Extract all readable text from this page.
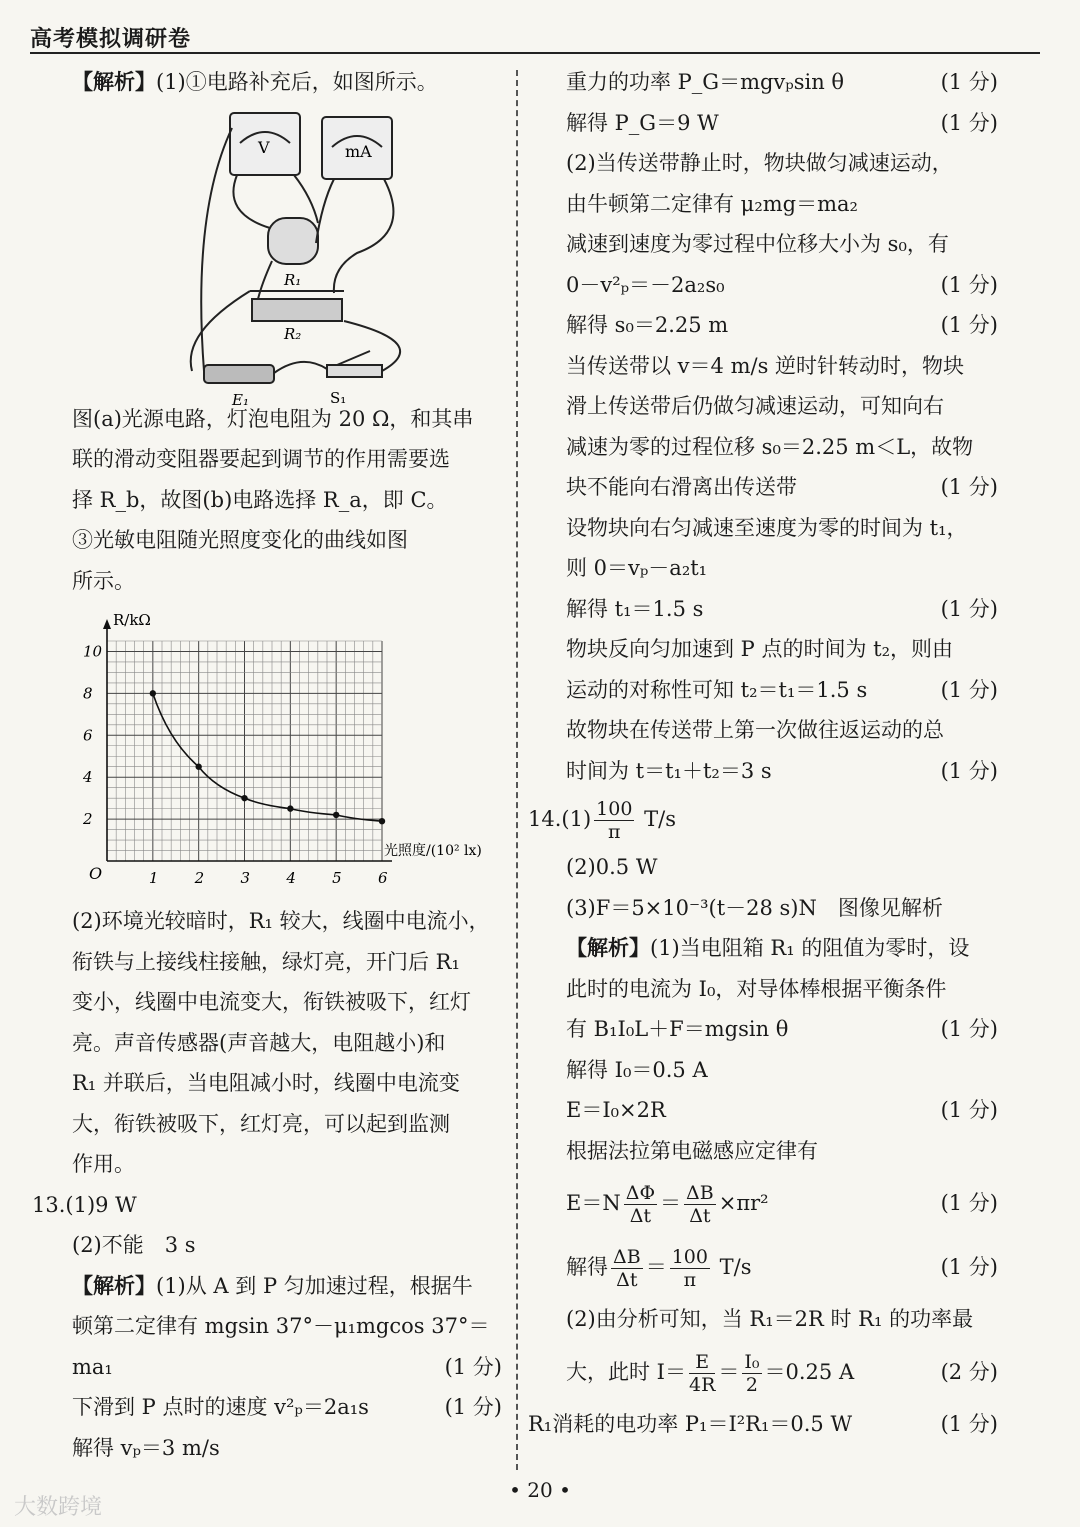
高考模拟调研卷
【解析】(1)①电路补充后，如图所示。
V	mA
R₁
R₂
E₁	S₁
图(a)光源电路，灯泡电阻为 20 Ω，和其串
联的滑动变阻器要起到调节的作用需要选
择 R_b，故图(b)电路选择 R_a，即 C。
③光敏电阻随光照度变化的曲线如图
所示。
1 2 3 4 5 6
2
4
6
8
10
O
R/kΩ
光照度/(10² lx)
(2)环境光较暗时，R₁ 较大，线圈中电流小，
衔铁与上接线柱接触，绿灯亮，开门后 R₁
变小，线圈中电流变大，衔铁被吸下，红灯
亮。声音传感器(声音越大，电阻越小)和
R₁ 并联后，当电阻减小时，线圈中电流变
大，衔铁被吸下，红灯亮，可以起到监测
作用。
13.(1)9 W
(2)不能　3 s
【解析】(1)从 A 到 P 匀加速过程，根据牛
顿第二定律有 mgsin 37°－μ₁mgcos 37°＝
ma₁	(1 分)
下滑到 P 点时的速度 v²ₚ＝2a₁s	(1 分)
解得 vₚ＝3 m/s
重力的功率 P_G＝mgvₚsin θ	(1 分)
解得 P_G＝9 W	(1 分)
(2)当传送带静止时，物块做匀减速运动，
由牛顿第二定律有 μ₂mg＝ma₂
减速到速度为零过程中位移大小为 s₀，有
0－v²ₚ＝－2a₂s₀	(1 分)
解得 s₀＝2.25 m	(1 分)
当传送带以 v＝4 m/s 逆时针转动时，物块
滑上传送带后仍做匀减速运动，可知向右
减速为零的过程位移 s₀＝2.25 m＜L，故物
块不能向右滑离出传送带	(1 分)
设物块向右匀减速至速度为零的时间为 t₁，
则 0＝vₚ－a₂t₁
解得 t₁＝1.5 s	(1 分)
物块反向匀加速到 P 点的时间为 t₂，则由
运动的对称性可知 t₂＝t₁＝1.5 s	(1 分)
故物块在传送带上第一次做往返运动的总
时间为 t＝t₁＋t₂＝3 s	(1 分)
$14.(1) \frac{100}{\pi} T/s$
(2)0.5 W
(3)F＝5×10⁻³(t－28 s)N　图像见解析
【解析】(1)当电阻箱 R₁ 的阻值为零时，设
此时的电流为 I₀，对导体棒根据平衡条件
有 B₁I₀L＋F＝mgsin θ	(1 分)
解得 I₀＝0.5 A
E＝I₀×2R	(1 分)
根据法拉第电磁感应定律有
$E=N \frac{\Delta\Phi}{\Delta t} = \frac{\Delta B}{\Delta t} \times\pi r^2$	(1 分)
解得 $\frac{\Delta B}{\Delta t} = \frac{100}{\pi} T/s$	(1 分)
(2)由分析可知，当 R₁＝2R 时 R₁ 的功率最
大，此时 $I= \frac{E}{4R} = \frac{\text{I₀}}{2} =0.25$ A	(2 分)
R₁消耗的电功率 P₁＝I²R₁＝0.5 W	(1 分)
• 20 •
大数跨境
